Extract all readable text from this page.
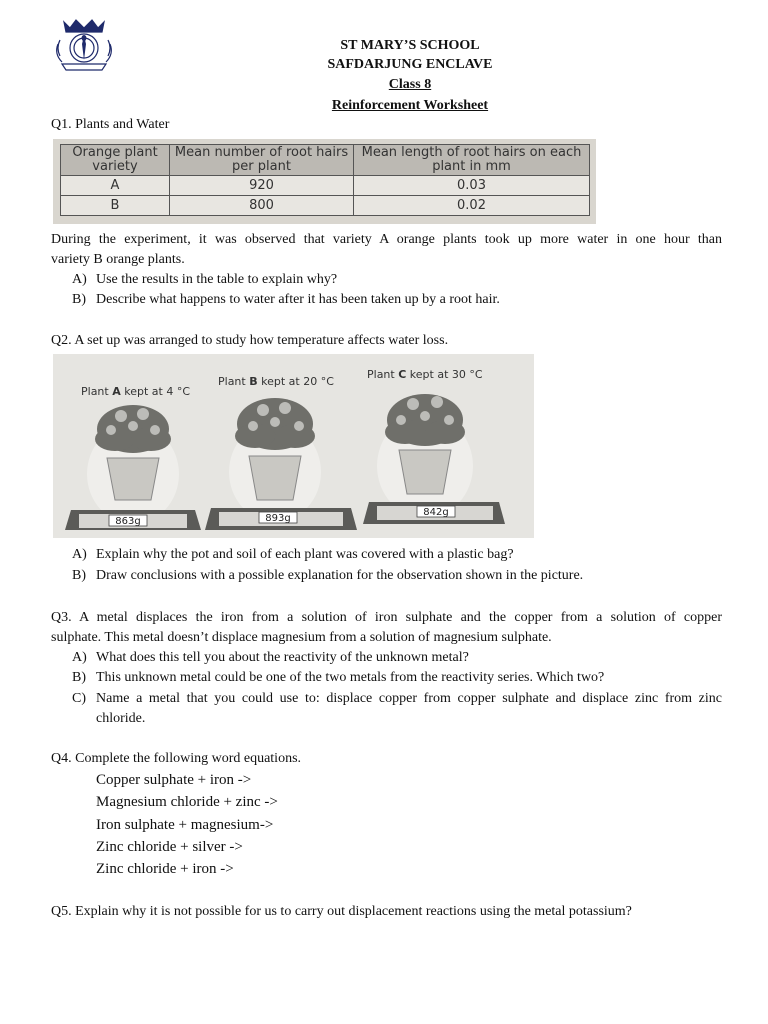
ST MARY’S SCHOOL
SAFDARJUNG ENCLAVE
Class 8
Reinforcement Worksheet
Q1. Plants and Water
Orange plant variety	Mean number of root hairs per plant	Mean length of root hairs on each plant in mm
A	920	0.03
B	800	0.02
During the experiment, it was observed that variety A orange plants took up more water in one hour than
variety B orange plants.
A) Use the results in the table to explain why?
B) Describe what happens to water after it has been taken up by a root hair.
Q2. A set up was arranged to study how temperature affects water loss.
Plant A kept at 4 °C
863g
Plant B kept at 20 °C
893g
Plant C kept at 30 °C
842g
A) Explain why the pot and soil of each plant was covered with a plastic bag?
B) Draw conclusions with a possible explanation for the observation shown in the picture.
Q3. A metal displaces the iron from a solution of iron sulphate and the copper from a solution of copper
sulphate. This metal doesn’t displace magnesium from a solution of magnesium sulphate.
A) What does this tell you about the reactivity of the unknown metal?
B) This unknown metal could be one of the two metals from the reactivity series. Which two?
C) Name a metal that you could use to: displace copper from copper sulphate and displace zinc from zinc
chloride.
Q4. Complete the following word equations.
Copper sulphate + iron ->
Magnesium chloride + zinc ->
Iron sulphate + magnesium->
Zinc chloride + silver ->
Zinc chloride + iron ->
Q5. Explain why it is not possible for us to carry out displacement reactions using the metal potassium?
